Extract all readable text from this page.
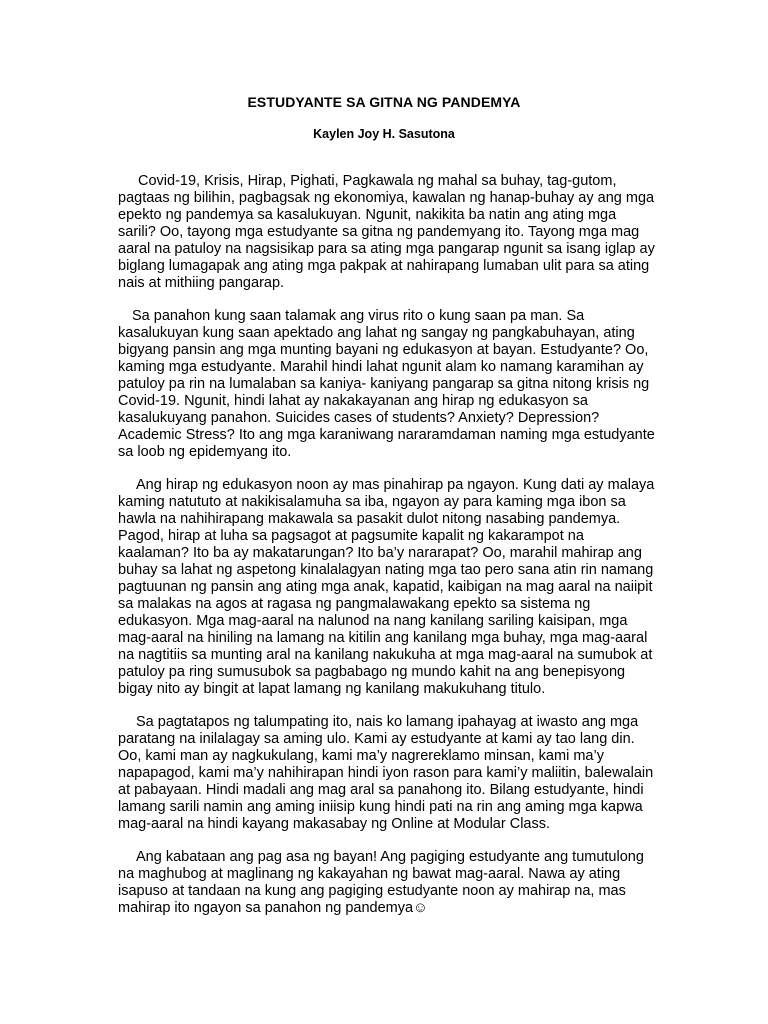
ESTUDYANTE SA GITNA NG PANDEMYA
Kaylen Joy H. Sasutona

Covid-19, Krisis, Hirap, Pighati, Pagkawala ng mahal sa buhay, tag-gutom, pagtaas ng bilihin, pagbagsak ng ekonomiya, kawalan ng hanap-buhay ay ang mga epekto ng pandemya sa kasalukuyan. Ngunit, nakikita ba natin ang ating mga sarili? Oo, tayong mga estudyante sa gitna ng pandemyang ito. Tayong mga mag aaral na patuloy na nagsisikap para sa ating mga pangarap ngunit sa isang iglap ay biglang lumagapak ang ating mga pakpak at nahirapang lumaban ulit para sa ating nais at mithiing pangarap.

Sa panahon kung saan talamak ang virus rito o kung saan pa man. Sa kasalukuyan kung saan apektado ang lahat ng sangay ng pangkabuhayan, ating bigyang pansin ang mga munting bayani ng edukasyon at bayan. Estudyante? Oo, kaming mga estudyante. Marahil hindi lahat ngunit alam ko namang karamihan ay patuloy pa rin na lumalaban sa kaniya- kaniyang pangarap sa gitna nitong krisis ng Covid-19. Ngunit, hindi lahat ay nakakayanan ang hirap ng edukasyon sa kasalukuyang panahon. Suicides cases of students? Anxiety? Depression? Academic Stress? Ito ang mga karaniwang nararamdaman naming mga estudyante sa loob ng epidemyang ito.

Ang hirap ng edukasyon noon ay mas pinahirap pa ngayon. Kung dati ay malaya kaming natututo at nakikisalamuha sa iba, ngayon ay para kaming mga ibon sa hawla na nahihirapang makawala sa pasakit dulot nitong nasabing pandemya. Pagod, hirap at luha sa pagsagot at pagsumite kapalit ng kakarampot na kaalaman? Ito ba ay makatarungan? Ito ba’y nararapat? Oo, marahil mahirap ang buhay sa lahat ng aspetong kinalalagyan nating mga tao pero sana atin rin namang pagtuunan ng pansin ang ating mga anak, kapatid, kaibigan na mag aaral na naiipit sa malakas na agos at ragasa ng pangmalawakang epekto sa sistema ng edukasyon. Mga mag-aaral na nalunod na nang kanilang sariling kaisipan, mga mag-aaral na hiniling na lamang na kitilin ang kanilang mga buhay, mga mag-aaral na nagtitiis sa munting aral na kanilang nakukuha at mga mag-aaral na sumubok at patuloy pa ring sumusubok sa pagbabago ng mundo kahit na ang benepisyong bigay nito ay bingit at lapat lamang ng kanilang makukuhang titulo.

Sa pagtatapos ng talumpating ito, nais ko lamang ipahayag at iwasto ang mga paratang na inilalagay sa aming ulo. Kami ay estudyante at kami ay tao lang din. Oo, kami man ay nagkukulang, kami ma’y nagrereklamo minsan, kami ma’y napapagod, kami ma’y nahihirapan hindi iyon rason para kami’y maliitin, balewalain at pabayaan. Hindi madali ang mag aral sa panahong ito. Bilang estudyante, hindi lamang sarili namin ang aming iniisip kung hindi pati na rin ang aming mga kapwa mag-aaral na hindi kayang makasabay ng Online at Modular Class.

Ang kabataan ang pag asa ng bayan! Ang pagiging estudyante ang tumutulong na maghubog at maglinang ng kakayahan ng bawat mag-aaral. Nawa ay ating isapuso at tandaan na kung ang pagiging estudyante noon ay mahirap na, mas mahirap ito ngayon sa panahon ng pandemya☺
